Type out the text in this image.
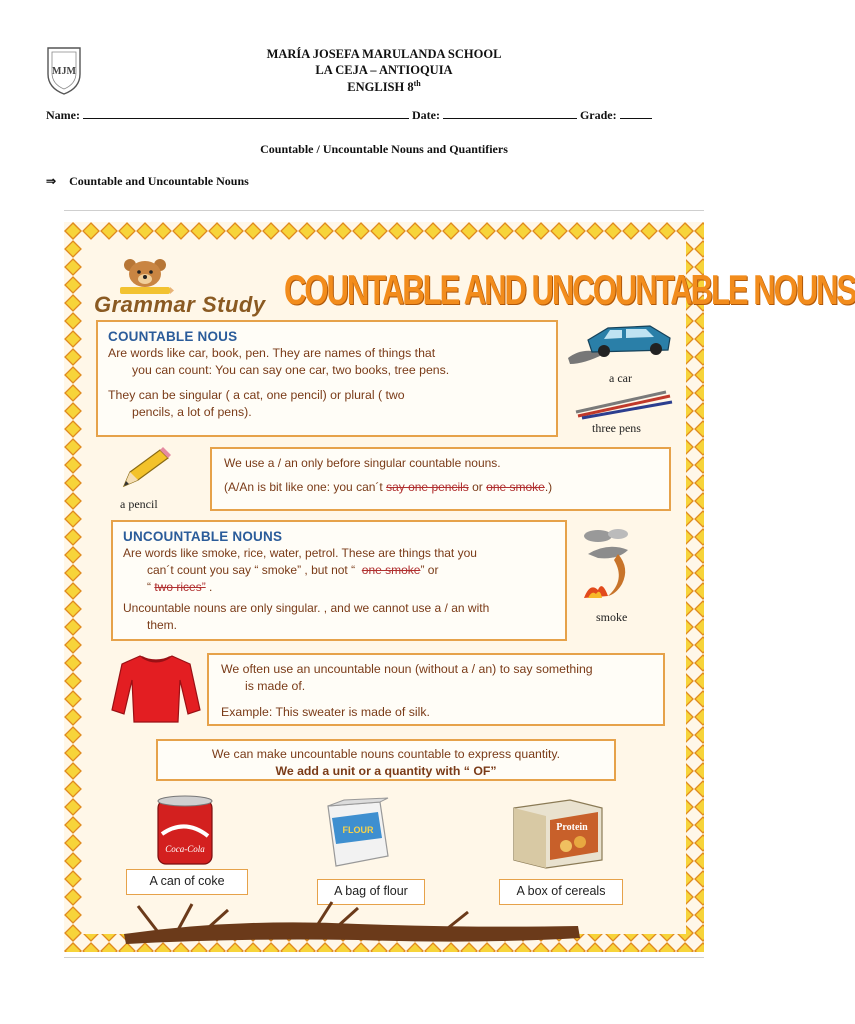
MJM
MARÍA JOSEFA MARULANDA SCHOOL
LA CEJA – ANTIOQUIA
ENGLISH 8th
Name:	Date:	Grade:
Countable / Uncountable Nouns and Quantifiers
⇒ Countable and Uncountable Nouns
Grammar Study COUNTABLE AND UNCOUNTABLE NOUNS
COUNTABLE NOUS
Are words like car, book, pen. They are names of things that
you can count: You can say one car, two books, tree pens.
They can be singular ( a cat, one pencil) or plural ( two
pencils, a lot of pens).
a car
three pens
a pencil
We use a / an only before singular countable nouns.
(A/An is bit like one: you can´t say one pencils or one smoke.)
UNCOUNTABLE NOUNS
Are words like smoke, rice, water, petrol. These are things that you
can´t count you say “ smoke” , but not “ one smoke” or
“ two rices” .
Uncountable nouns are only singular. , and we cannot use a / an with
them.
smoke
We often use an uncountable noun (without a / an) to say something
is made of.
Example: This sweater is made of silk.
We can make uncountable nouns countable to express quantity.
We add a unit or a quantity with “ OF”
Coca-Cola
A can of coke
FLOUR
A bag of flour
Protein
A box of cereals
